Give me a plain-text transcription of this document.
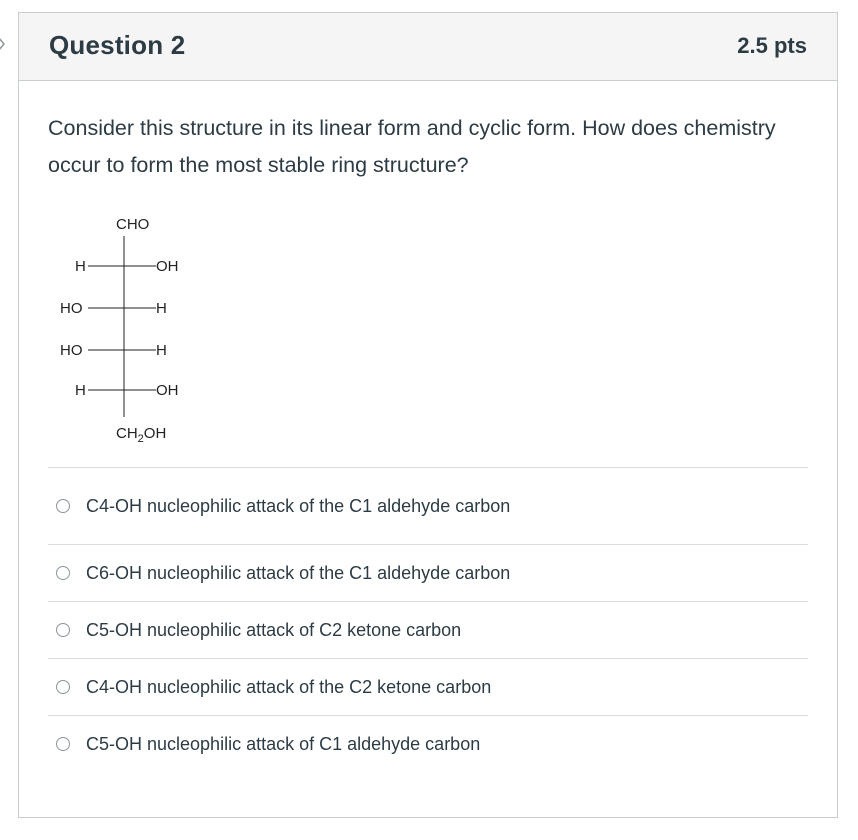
Question 2	2.5 pts
Consider this structure in its linear form and cyclic form. How does chemistry occur to form the most stable ring structure?
CHO
H	OH
HO	H
HO	H
H	OH
$CH_2OH$
C4-OH nucleophilic attack of the C1 aldehyde carbon
C6-OH nucleophilic attack of the C1 aldehyde carbon
C5-OH nucleophilic attack of C2 ketone carbon
C4-OH nucleophilic attack of the C2 ketone carbon
C5-OH nucleophilic attack of C1 aldehyde carbon
